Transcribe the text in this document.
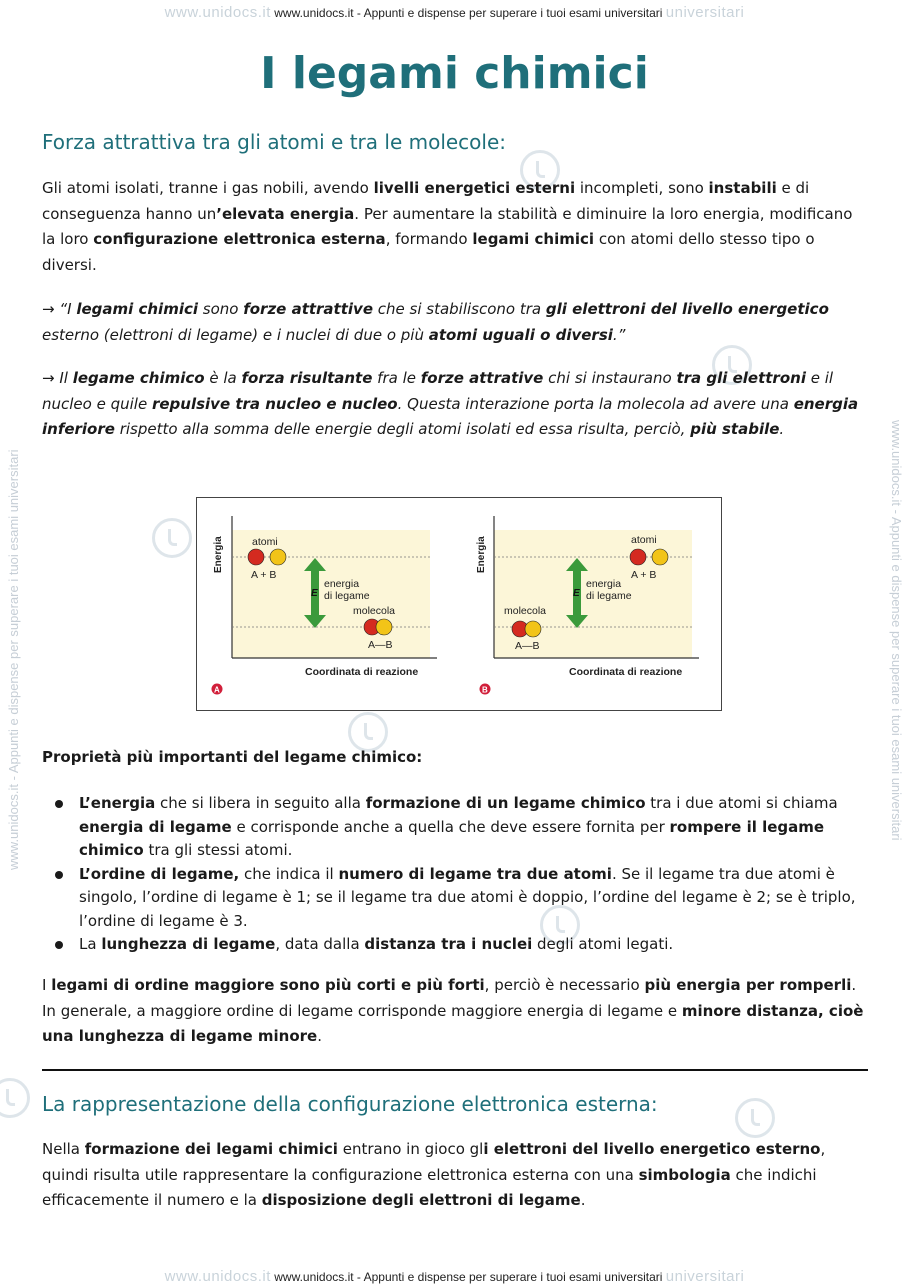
www.unidocs.it www.unidocs.it - Appunti e dispense per superare i tuoi esami universitari universitari
www.unidocs.it www.unidocs.it - Appunti e dispense per superare i tuoi esami universitari universitari
www.unidocs.it - Appunti e dispense per superare i tuoi esami universitari	www.unidocs.it - Appunti e dispense per superare i tuoi esami universitari
I legami chimici
Forza attrattiva tra gli atomi e tra le molecole:

Gli atomi isolati, tranne i gas nobili, avendo livelli energetici esterni incompleti, sono instabili e di conseguenza hanno un’elevata energia. Per aumentare la stabilità e diminuire la loro energia, modificano la loro configurazione elettronica esterna, formando legami chimici con atomi dello stesso tipo o diversi.

→ “I legami chimici sono forze attrattive che si stabiliscono tra gli elettroni del livello energetico esterno (elettroni di legame) e i nuclei di due o più atomi uguali o diversi.”

→ Il legame chimico è la forza risultante fra le forze attrative chi si instaurano tra gli elettroni e il nucleo e quile repulsive tra nucleo e nucleo. Questa interazione porta la molecola ad avere una energia inferiore rispetto alla somma delle energie degli atomi isolati ed essa risulta, perciò, più stabile.

Energia
Coordinata di reazione
atomi
A + B
E
energia
di legame
molecola
A—B
A
Energia
Coordinata di reazione
atomi
A + B
E
energia
di legame
molecola
A—B
B

Proprietà più importanti del legame chimico:

L’energia che si libera in seguito alla formazione di un legame chimico tra i due atomi si chiama energia di legame e corrisponde anche a quella che deve essere fornita per rompere il legame chimico tra gli stessi atomi.
L’ordine di legame, che indica il numero di legame tra due atomi. Se il legame tra due atomi è singolo, l’ordine di legame è 1; se il legame tra due atomi è doppio, l’ordine del legame è 2; se è triplo, l’ordine di legame è 3.
La lunghezza di legame, data dalla distanza tra i nuclei degli atomi legati.

I legami di ordine maggiore sono più corti e più forti, perciò è necessario più energia per romperli. In generale, a maggiore ordine di legame corrisponde maggiore energia di legame e minore distanza, cioè una lunghezza di legame minore.

La rappresentazione della configurazione elettronica esterna:

Nella formazione dei legami chimici entrano in gioco gli elettroni del livello energetico esterno, quindi risulta utile rappresentare la configurazione elettronica esterna con una simbologia che indichi efficacemente il numero e la disposizione degli elettroni di legame.
